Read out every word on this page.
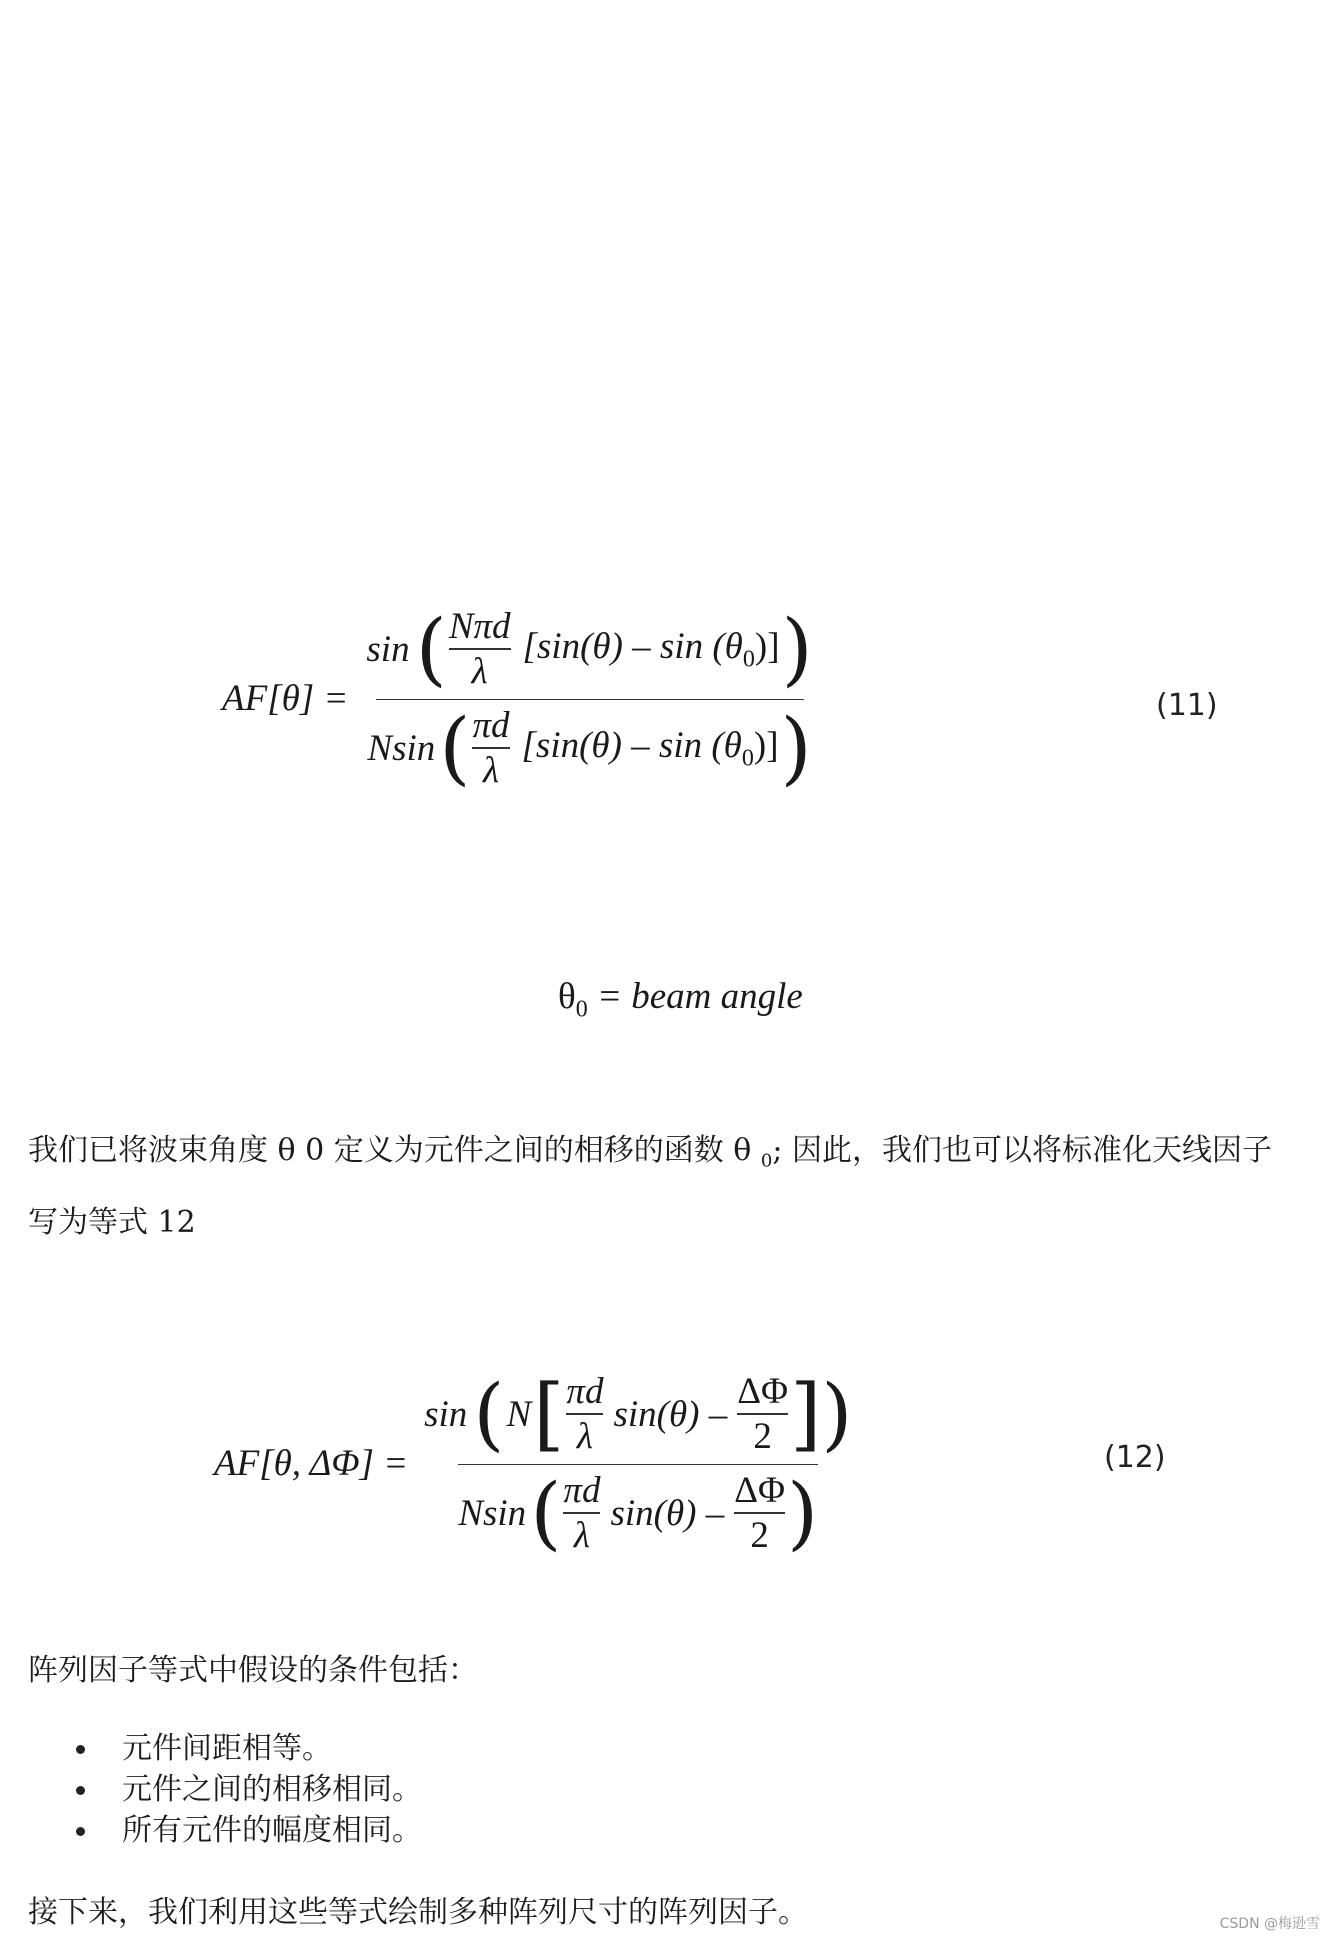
AF[θ] =
sin ( $\frac{\text{Nπd}}{\lambda} [\sin(\theta)$ – $\sin (\theta_0)$] )
Nsin ( $\frac{\pi d}{\lambda} [\sin(\theta)$ – $\sin (\theta_0)$] )	(11)
$\theta_0$ = beam angle
我们已将波束角度 θ 0 定义为元件之间的相移的函数 θ $_0$; 因此，我们也可以将标准化天线因子
写为等式 12
AF[θ, ΔΦ] =
sin ( N [ $\frac{\pi d}{\lambda} \sin(\theta) - \frac{\Delta\Phi}{2}$ ] )
Nsin ( $\frac{\pi d}{\lambda} \sin(\theta) - \frac{\Delta\Phi}{2}$ )
(12)
阵列因子等式中假设的条件包括：
元件间距相等。
元件之间的相移相同。
所有元件的幅度相同。
接下来，我们利用这些等式绘制多种阵列尺寸的阵列因子。	CSDN @梅逊雪
